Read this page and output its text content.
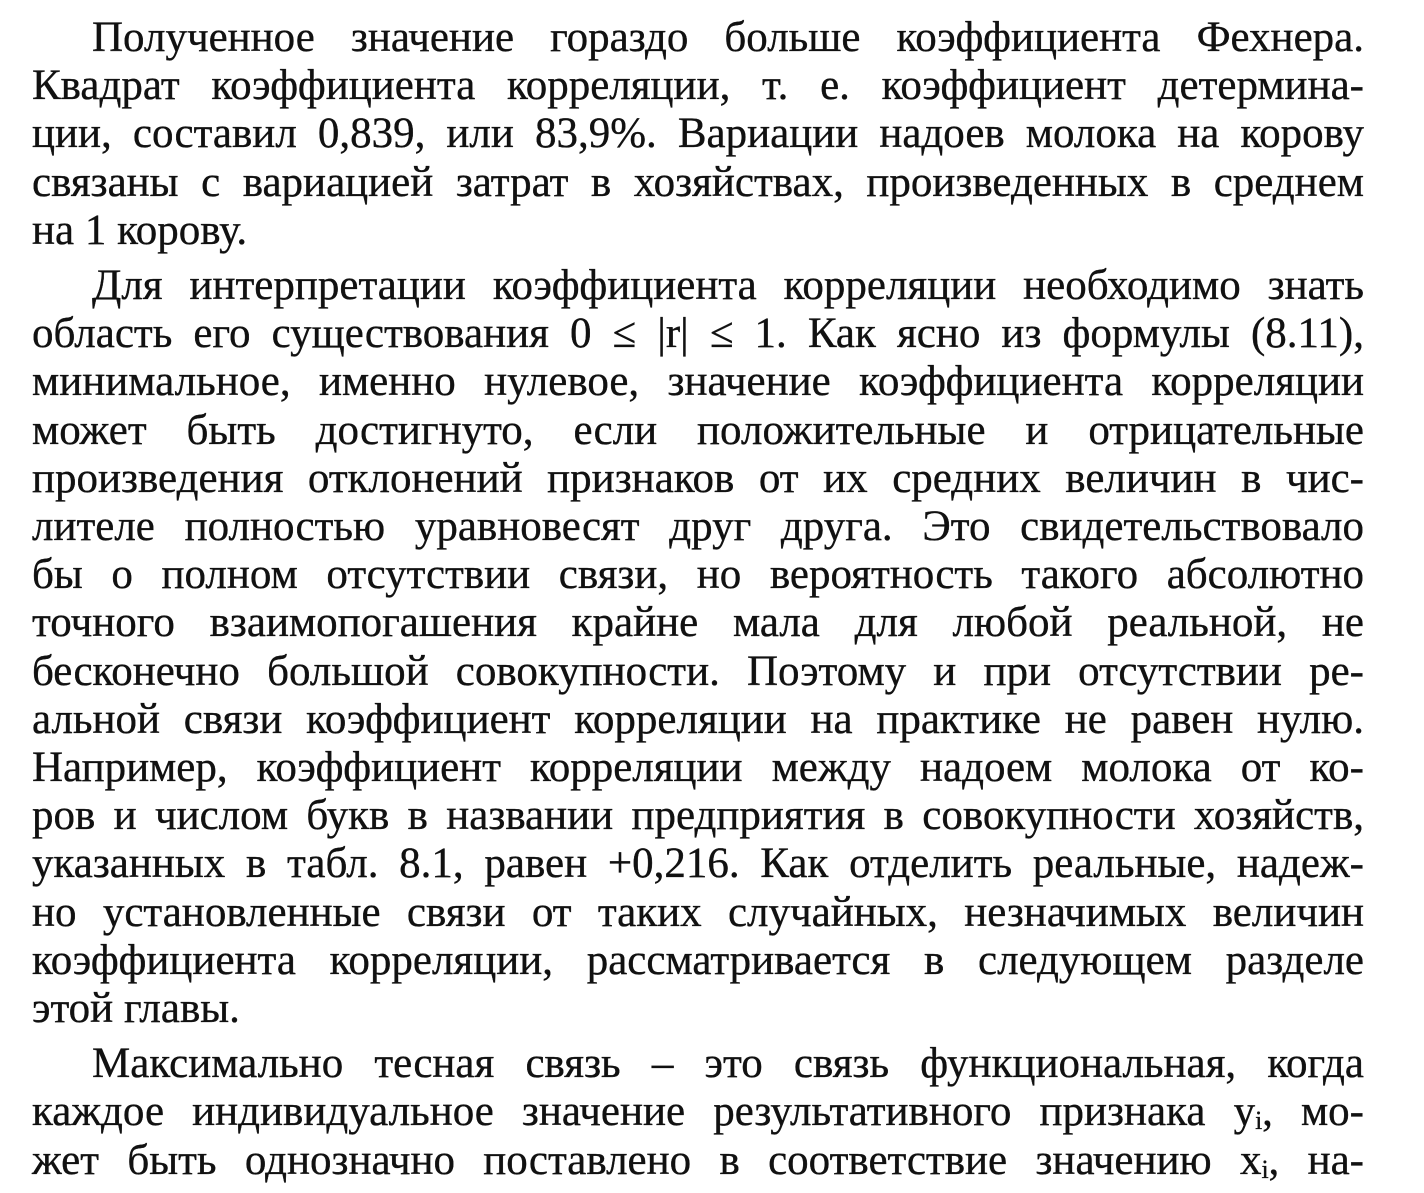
Полученное значение гораздо больше коэффициента Фехнера.
Квадрат коэффициента корреляции, т. е. коэффициент детермина-
ции, составил 0,839, или 83,9%. Вариации надоев молока на корову
связаны с вариацией затрат в хозяйствах, произведенных в среднем
на 1 корову.
Для интерпретации коэффициента корреляции необходимо знать
область его существования 0 ≤ |r| ≤ 1. Как ясно из формулы (8.11),
минимальное, именно нулевое, значение коэффициента корреляции
может быть достигнуто, если положительные и отрицательные
произведения отклонений признаков от их средних величин в чис-
лителе полностью уравновесят друг друга. Это свидетельствовало
бы о полном отсутствии связи, но вероятность такого абсолютно
точного взаимопогашения крайне мала для любой реальной, не
бесконечно большой совокупности. Поэтому и при отсутствии ре-
альной связи коэффициент корреляции на практике не равен нулю.
Например, коэффициент корреляции между надоем молока от ко-
ров и числом букв в названии предприятия в совокупности хозяйств,
указанных в табл. 8.1, равен +0,216. Как отделить реальные, надеж-
но установленные связи от таких случайных, незначимых величин
коэффициента корреляции, рассматривается в следующем разделе
этой главы.
Максимально тесная связь – это связь функциональная, когда
каждое индивидуальное значение результативного признака yᵢ, мо-
жет быть однозначно поставлено в соответствие значению xᵢ, на-
